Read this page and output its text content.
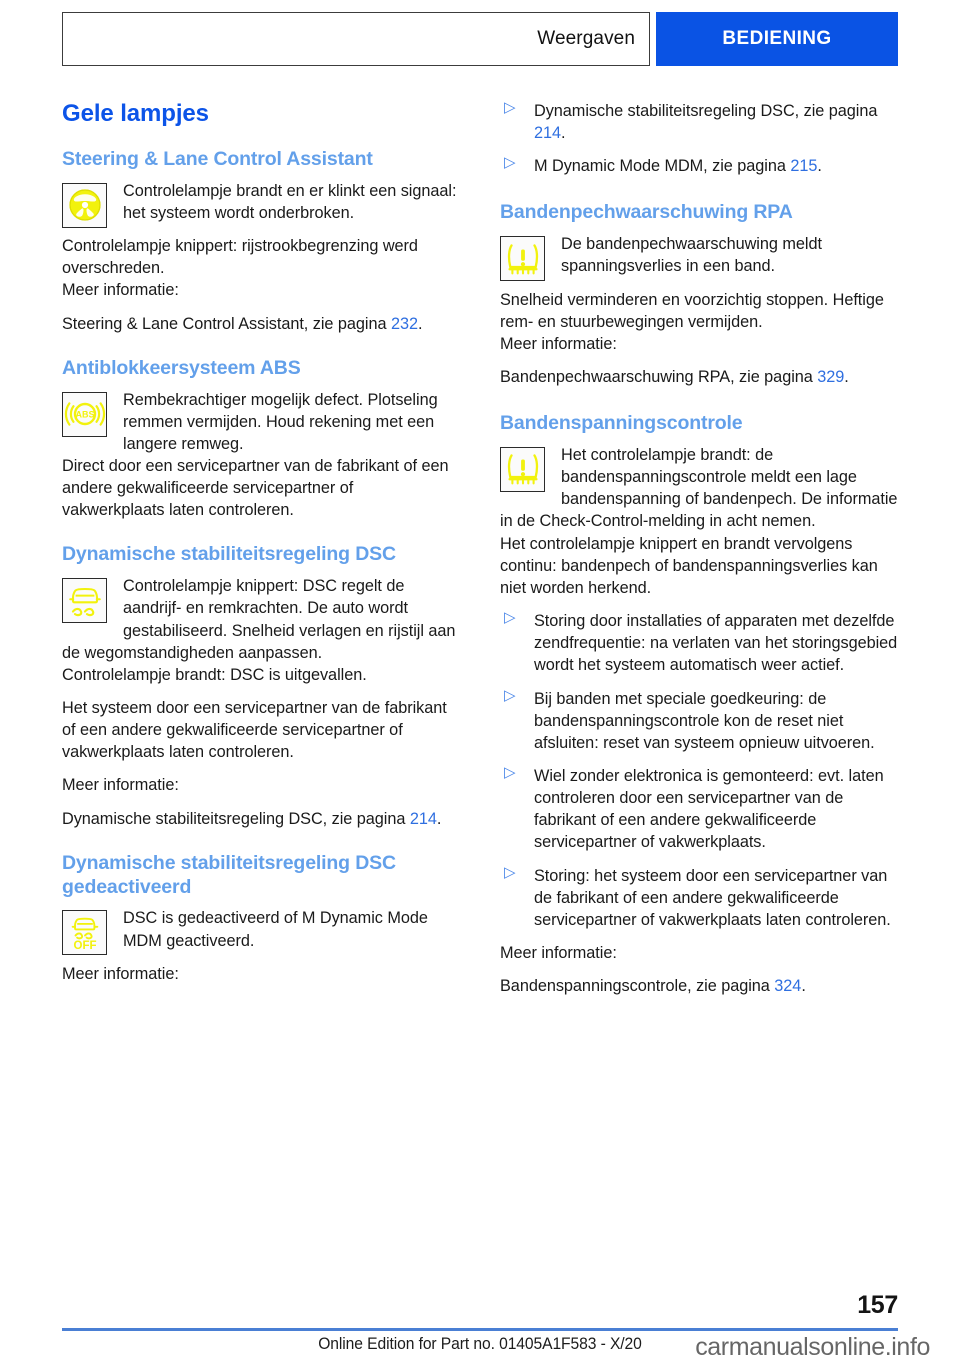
Weergaven	BEDIENING
Gele lampjes
Steering & Lane Control Assistant

Controlelampje brandt en er klinkt een signaal: het systeem wordt onderbroken.

Controlelampje knippert: rijstrookbegrenzing werd overschreden.

Meer informatie:

Steering & Lane Control Assistant, zie pagina 232.

Antiblokkeersysteem ABS
ABS

Rembekrachtiger mogelijk defect. Plotseling remmen vermijden. Houd rekening met een langere remweg.

Direct door een servicepartner van de fabrikant of een andere gekwalificeerde servicepartner of vakwerkplaats laten controleren.

Dynamische stabiliteitsregeling DSC

Controlelampje knippert: DSC regelt de aandrijf- en remkrachten. De auto wordt gestabiliseerd. Snelheid verlagen en rijstijl aan de wegomstandigheden aanpassen.

Controlelampje brandt: DSC is uitgevallen.

Het systeem door een servicepartner van de fabrikant of een andere gekwalificeerde servicepartner of vakwerkplaats laten controleren.

Meer informatie:

Dynamische stabiliteitsregeling DSC, zie pagina 214.

Dynamische stabiliteitsregeling DSC gedeactiveerd
OFF

DSC is gedeactiveerd of M Dynamic Mode MDM geactiveerd.

Meer informatie:

▷ Dynamische stabiliteitsregeling DSC, zie pagina 214.
▷ M Dynamic Mode MDM, zie pagina 215.
Bandenpechwaarschuwing RPA

De bandenpechwaarschuwing meldt spanningsverlies in een band.

Snelheid verminderen en voorzichtig stoppen. Heftige rem- en stuurbewegingen vermijden.

Meer informatie:

Bandenpechwaarschuwing RPA, zie pagina 329.

Bandenspanningscontrole

Het controlelampje brandt: de bandenspanningscontrole meldt een lage bandenspanning of bandenpech. De informatie in de Check-Control-melding in acht nemen.

Het controlelampje knippert en brandt vervolgens continu: bandenpech of bandenspanningsverlies kan niet worden herkend.

▷ Storing door installaties of apparaten met dezelfde zendfrequentie: na verlaten van het storingsgebied wordt het systeem automatisch weer actief.
▷ Bij banden met speciale goedkeuring: de bandenspanningscontrole kon de reset niet afsluiten: reset van systeem opnieuw uitvoeren.
▷ Wiel zonder elektronica is gemonteerd: evt. laten controleren door een servicepartner van de fabrikant of een andere gekwalificeerde servicepartner of vakwerkplaats.
▷ Storing: het systeem door een servicepartner van de fabrikant of een andere gekwalificeerde servicepartner of vakwerkplaats laten controleren.

Meer informatie:

Bandenspanningscontrole, zie pagina 324.

157
Online Edition for Part no. 01405A1F583 - X/20	carmanualsonline.info
